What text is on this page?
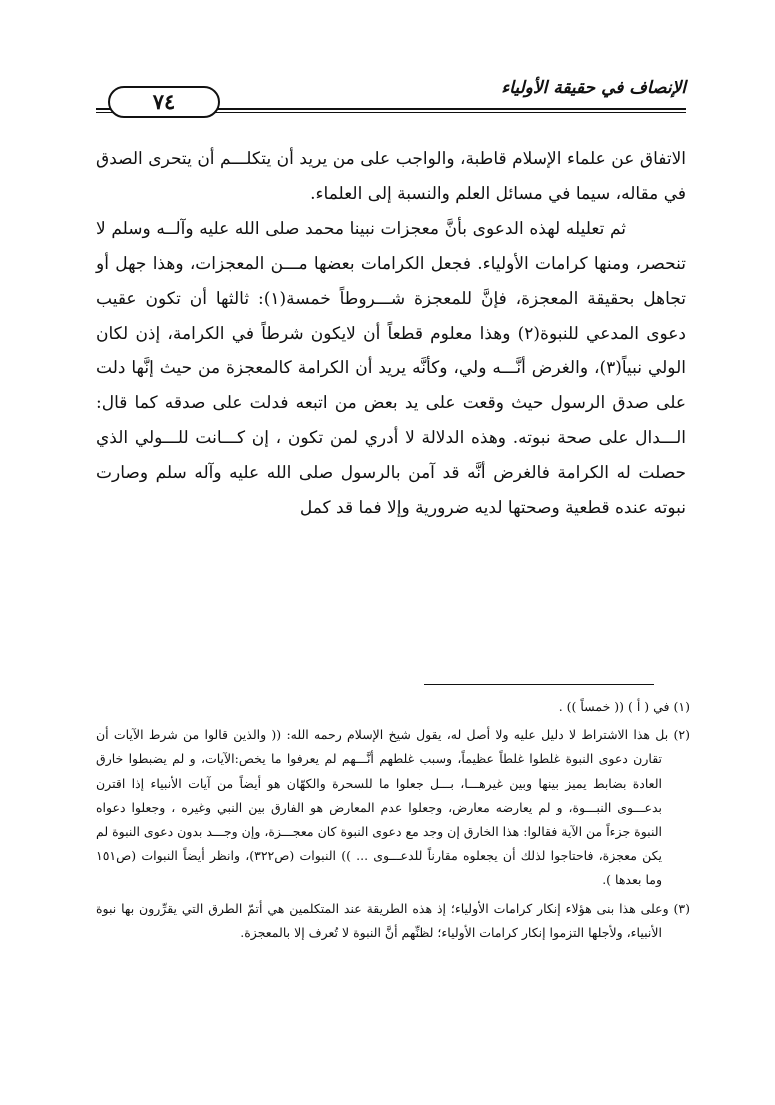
الإنصاف في حقيقة الأولياء
٧٤

الاتفاق عن علماء الإسلام قاطبة، والواجب على من يريد أن يتكلـــم أن يتحرى الصدق في مقاله، سيما في مسائل العلم والنسبة إلى العلماء.

ثم تعليله لهذه الدعوى بأنَّ معجزات نبينا محمد صلى الله عليه وآلــه وسلم لا تنحصر، ومنها كرامات الأولياء. فجعل الكرامات بعضها مـــن المعجزات، وهذا جهل أو تجاهل بحقيقة المعجزة، فإنَّ للمعجزة شـــروطاً خمسة(١): ثالثها أن تكون عقيب دعوى المدعي للنبوة(٢) وهذا معلوم قطعاً أن لايكون شرطاً في الكرامة، إذن لكان الولي نبياً(٣)، والغرض أنَّـــه ولي، وكأنَّه يريد أن الكرامة كالمعجزة من حيث إنَّها دلت على صدق الرسول حيث وقعت على يد بعض من اتبعه فدلت على صدقه كما قال: الـــدال على صحة نبوته. وهذه الدلالة لا أدري لمن تكون ، إن كـــانت للـــولي الذي حصلت له الكرامة فالغرض أنَّه قد آمن بالرسول صلى الله عليه وآله سلم وصارت نبوته عنده قطعية وصحتها لديه ضرورية وإلا فما قد كمل

(١) في ( أ ) (( خمساً )) .

(٢) بل هذا الاشتراط لا دليل عليه ولا أصل له، يقول شيخ الإسلام رحمه الله: (( والذين قالوا من شرط الآيات أن تقارن دعوى النبوة غلطوا غلطاً عظيماً، وسبب غلطهم أنَّـــهم لم يعرفوا ما يخص:الآيات، و لم يضبطوا خارق العادة بضابط يميز بينها وبين غيرهـــا، بـــل جعلوا ما للسحرة والكهّان هو أيضاً من آيات الأنبياء إذا اقترن بدعـــوى النبـــوة، و لم يعارضه معارض، وجعلوا عدم المعارض هو الفارق بين النبي وغيره ، وجعلوا دعواه النبوة جزءاً من الآية فقالوا: هذا الخارق إن وجد مع دعوى النبوة كان معجـــزة، وإن وجـــد بدون دعوى النبوة لم يكن معجزة، فاحتاجوا لذلك أن يجعلوه مقارناً للدعـــوى ... )) النبوات (ص٣٢٢)، وانظر أيضاً النبوات (ص١٥١ وما بعدها ).

(٣) وعلى هذا بنى هؤلاء إنكار كرامات الأولياء؛ إذ هذه الطريقة عند المتكلمين هي أتمّ الطرق التي يقرِّرون بها نبوة الأنبياء، ولأجلها التزموا إنكار كرامات الأولياء؛ لظنِّهم أنَّ النبوة لا تُعرف إلا بالمعجزة.
